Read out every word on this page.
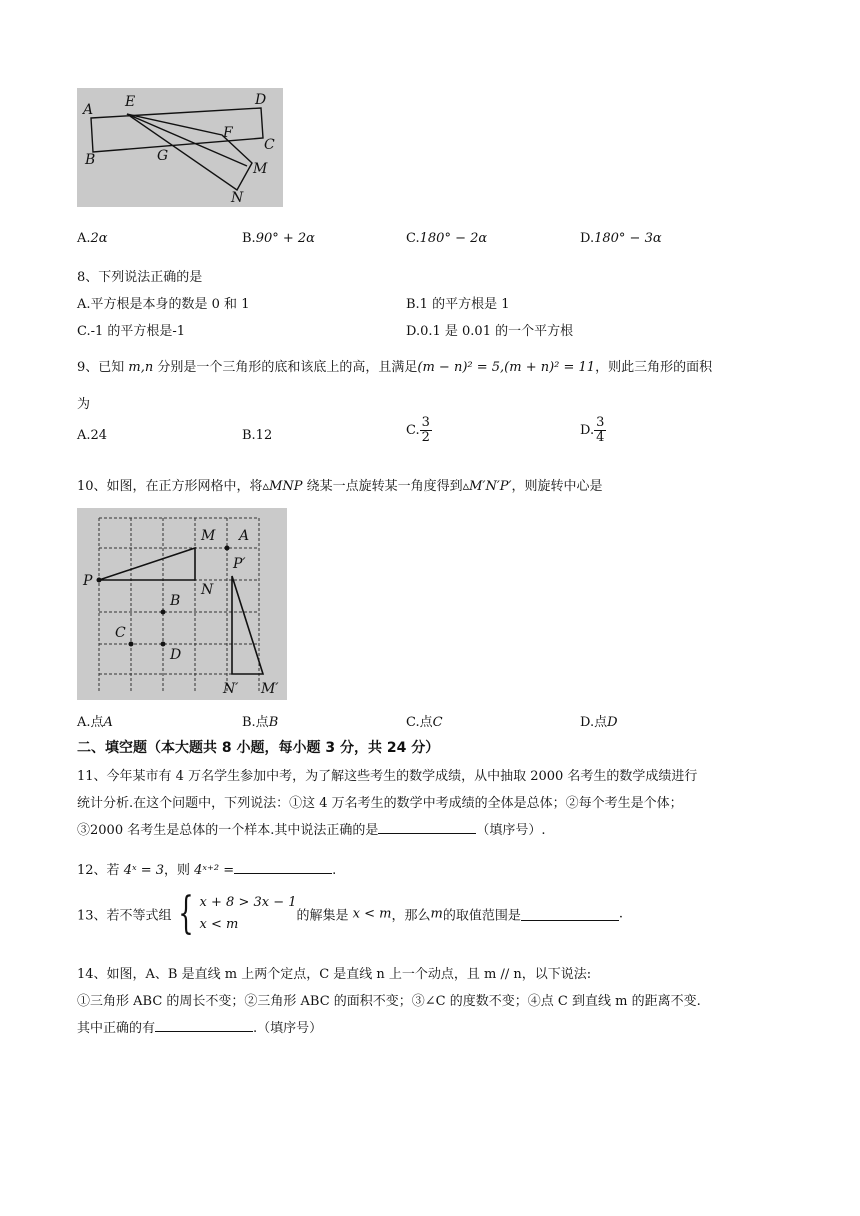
A E	D
F
C
B	G
M
N
A.2α	B.90° + 2α	C.180° − 2α	D.180° − 3α
8、下列说法正确的是
A.平方根是本身的数是 0 和 1	B.1 的平方根是 1
C.-1 的平方根是-1	D.0.1 是 0.01 的一个平方根
9、已知 m,n 分别是一个三角形的底和该底上的高，且满足(m − n)² = 5,(m + n)² = 11，则此三角形的面积
为
A.24	B.12	C. $\frac{3}{2}$	D. $\frac{3}{4}$
10、如图，在正方形网格中，将▵MNP 绕某一点旋转某一角度得到▵M′N′P′，则旋转中心是
M A
P
P′
N
B
C
D
N′ M′
A.点A	B.点B	C.点C	D.点D
二、填空题（本大题共 8 小题，每小题 3 分，共 24 分）
11、今年某市有 4 万名学生参加中考，为了解这些考生的数学成绩，从中抽取 2000 名考生的数学成绩进行
统计分析.在这个问题中，下列说法：①这 4 万名考生的数学中考成绩的全体是总体；②每个考生是个体；
③2000 名考生是总体的一个样本.其中说法正确的是	（填序号）.
12、若 4ˣ = 3，则 4ˣ⁺² =	.
13、若不等式组 { x + 8 > 3x − 1
x < m
的解集是 x < m，那么m的取值范围是	.
14、如图，A、B 是直线 m 上两个定点，C 是直线 n 上一个动点，且 m // n，以下说法:
①三角形 ABC 的周长不变；②三角形 ABC 的面积不变；③∠C 的度数不变；④点 C 到直线 m 的距离不变.
其中正确的有	.（填序号）
